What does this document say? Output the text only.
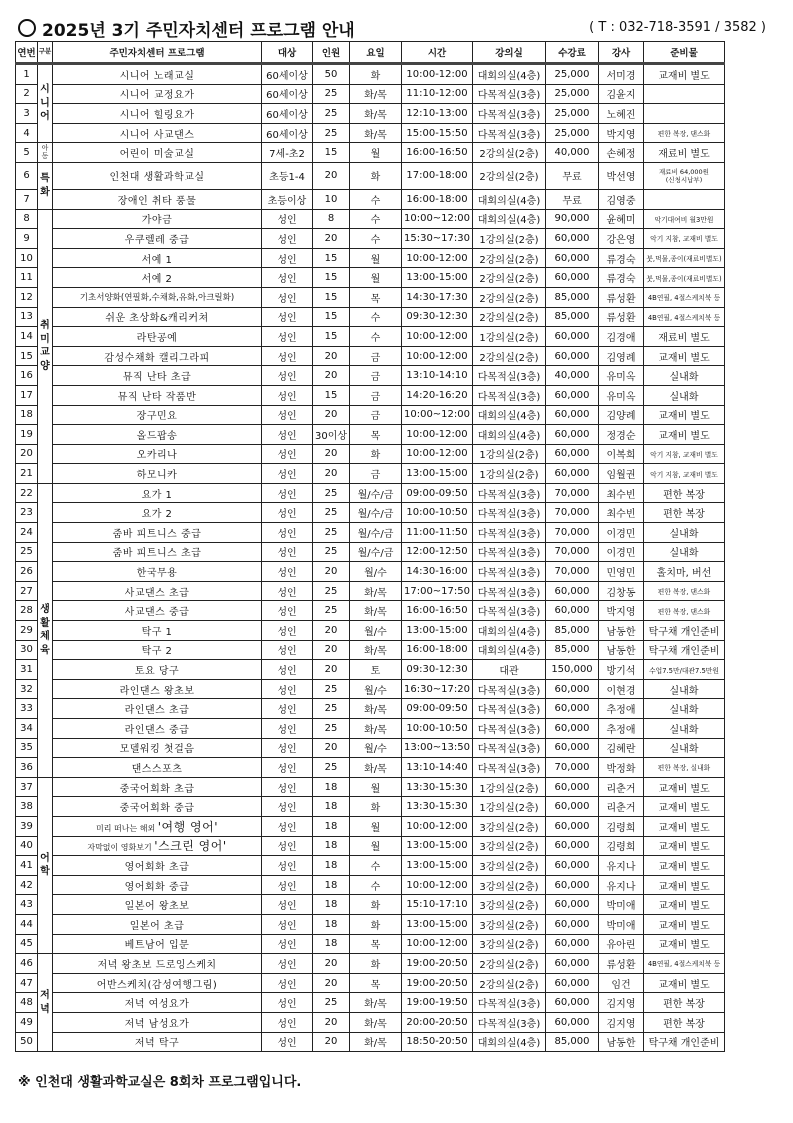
2025년 3기 주민자치센터 프로그램 안내	( T : 032-718-3591 / 3582 )
연번	구분	주민자치센터 프로그램	대상	인원	요일	시간	강의실	수강료	강사	준비물
1	시니어	시니어 노래교실	60세이상	50	화	10:00-12:00	대회의실(4층)	25,000	서미경	교재비 별도
2		시니어 교정요가	60세이상	25	화/목	11:10-12:00	다목적실(3층)	25,000	김윤지	
3		시니어 힐링요가	60세이상	25	화/목	12:10-13:00	다목적실(3층)	25,000	노혜진	
4		시니어 사교댄스	60세이상	25	화/목	15:00-15:50	다목적실(3층)	25,000	박지영	편한 복장, 댄스화
5	아동	어린이 미술교실	7세-초2	15	월	16:00-16:50	2강의실(2층)	40,000	손혜정	재료비 별도
6	특화	인천대 생활과학교실	초등1-4	20	화	17:00-18:00	2강의실(2층)	무료	박선영	재료비 64,000원
(신청시납부)

7		장애인 취타 풍물	초등이상	10	수	16:00-18:00	대회의실(4층)	무료	김영중	
8	취미교양	가야금	성인	8	수	10:00~12:00	대회의실(4층)	90,000	윤혜미	악기대여비 월3만원
9		우쿠렐레 중급	성인	20	수	15:30~17:30	1강의실(2층)	60,000	강은영	악기 지참, 교재비 별도
10		서예 1	성인	15	월	10:00-12:00	2강의실(2층)	60,000	류경숙	붓,먹물,종이(재료비별도)
11		서예 2	성인	15	월	13:00-15:00	2강의실(2층)	60,000	류경숙	붓,먹물,종이(재료비별도)
12		기초서양화(연필화,수채화,유화,아크릴화)	성인	15	목	14:30-17:30	2강의실(2층)	85,000	류성환	4B연필, 4절스케치북 등
13		쉬운 초상화&캐리커쳐	성인	15	수	09:30-12:30	2강의실(2층)	85,000	류성환	4B연필, 4절스케치북 등
14		라탄공예	성인	15	수	10:00-12:00	1강의실(2층)	60,000	김경애	재료비 별도
15		감성수채화 캘리그라피	성인	20	금	10:00-12:00	2강의실(2층)	60,000	김영례	교재비 별도
16		뮤직 난타 초급	성인	20	금	13:10-14:10	다목적실(3층)	40,000	유미옥	실내화
17		뮤직 난타 작품반	성인	15	금	14:20-16:20	다목적실(3층)	60,000	유미옥	실내화
18		장구민요	성인	20	금	10:00~12:00	대회의실(4층)	60,000	김양례	교재비 별도
19		올드팝송	성인	30이상	목	10:00-12:00	대회의실(4층)	60,000	정경순	교재비 별도
20		오카리나	성인	20	화	10:00-12:00	1강의실(2층)	60,000	이복희	악기 지참, 교재비 별도
21		하모니카	성인	20	금	13:00-15:00	1강의실(2층)	60,000	임월권	악기 지참, 교재비 별도
22	생활체육	요가 1	성인	25	월/수/금	09:00-09:50	다목적실(3층)	70,000	최수빈	편한 복장
23		요가 2	성인	25	월/수/금	10:00-10:50	다목적실(3층)	70,000	최수빈	편한 복장
24		줌바 피트니스 중급	성인	25	월/수/금	11:00-11:50	다목적실(3층)	70,000	이경민	실내화
25		줌바 피트니스 초급	성인	25	월/수/금	12:00-12:50	다목적실(3층)	70,000	이경민	실내화
26		한국무용	성인	20	월/수	14:30-16:00	다목적실(3층)	70,000	민영민	홀치마, 버선
27		사교댄스 초급	성인	25	화/목	17:00~17:50	다목적실(3층)	60,000	김창동	편한 복장, 댄스화
28		사교댄스 중급	성인	25	화/목	16:00-16:50	다목적실(3층)	60,000	박지영	편한 복장, 댄스화
29		탁구 1	성인	20	월/수	13:00-15:00	대회의실(4층)	85,000	남동한	탁구채 개인준비
30		탁구 2	성인	20	화/목	16:00-18:00	대회의실(4층)	85,000	남동한	탁구채 개인준비
31		토요 당구	성인	20	토	09:30-12:30	대관	150,000	방기석	수업7.5만/대관7.5만원
32		라인댄스 왕초보	성인	25	월/수	16:30~17:20	다목적실(3층)	60,000	이현경	실내화
33		라인댄스 초급	성인	25	화/목	09:00-09:50	다목적실(3층)	60,000	추정애	실내화
34		라인댄스 중급	성인	25	화/목	10:00-10:50	다목적실(3층)	60,000	추정애	실내화
35		모델워킹 첫걸음	성인	20	월/수	13:00~13:50	다목적실(3층)	60,000	김혜란	실내화
36		댄스스포츠	성인	25	화/목	13:10-14:40	다목적실(3층)	70,000	박정화	편한 복장, 실내화
37	어학	중국어회화 초급	성인	18	월	13:30-15:30	1강의실(2층)	60,000	리춘거	교재비 별도
38		중국어회화 중급	성인	18	화	13:30-15:30	1강의실(2층)	60,000	리춘거	교재비 별도
39		미리 떠나는 해외 '여행 영어'	성인	18	월	10:00-12:00	3강의실(2층)	60,000	김령희	교재비 별도
40		자막없이 영화보기 '스크린 영어'	성인	18	월	13:00-15:00	3강의실(2층)	60,000	김령희	교재비 별도
41		영어회화 초급	성인	18	수	13:00-15:00	3강의실(2층)	60,000	유지나	교재비 별도
42		영어회화 중급	성인	18	수	10:00-12:00	3강의실(2층)	60,000	유지나	교재비 별도
43		일본어 왕초보	성인	18	화	15:10-17:10	3강의실(2층)	60,000	박미애	교재비 별도
44		일본어 초급	성인	18	화	13:00-15:00	3강의실(2층)	60,000	박미애	교재비 별도
45		베트남어 입문	성인	18	목	10:00-12:00	3강의실(2층)	60,000	유아린	교재비 별도
46	저녁	저녁 왕초보 드로잉스케치	성인	20	화	19:00-20:50	2강의실(2층)	60,000	류성환	4B연필, 4절스케치북 등
47		어반스케치(감성여행그림)	성인	20	목	19:00-20:50	2강의실(2층)	60,000	임건	교재비 별도
48		저녁 여성요가	성인	25	화/목	19:00-19:50	다목적실(3층)	60,000	김지영	편한 복장
49		저녁 남성요가	성인	20	화/목	20:00-20:50	다목적실(3층)	60,000	김지영	편한 복장
50		저녁 탁구	성인	20	화/목	18:50-20:50	대회의실(4층)	85,000	남동한	탁구채 개인준비
※ 인천대 생활과학교실은 8회차 프로그램입니다.
